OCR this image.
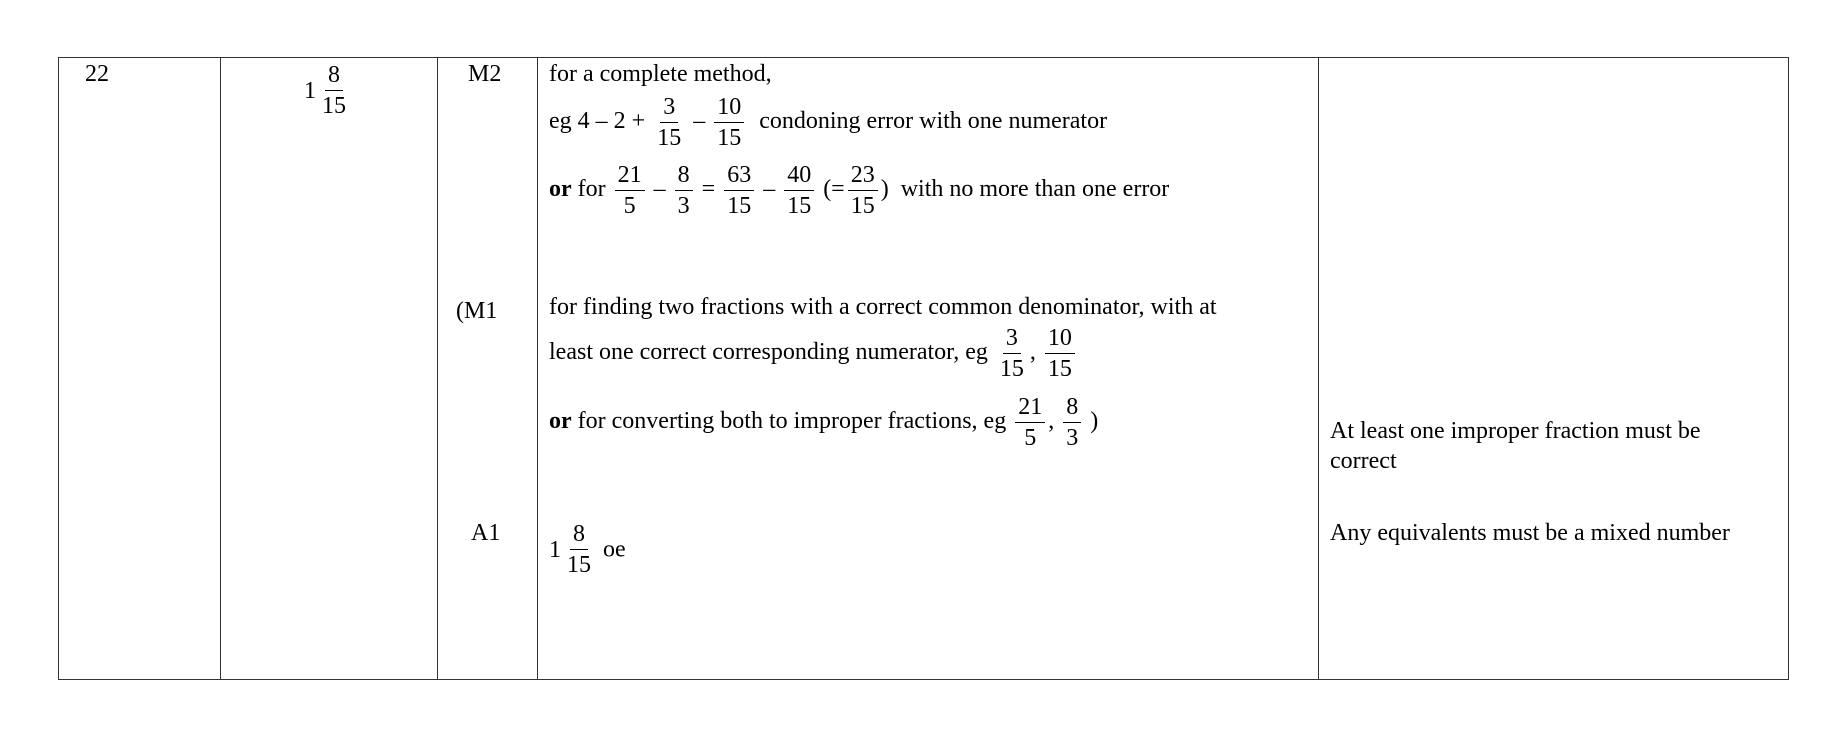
22
$1 \frac{8}{15}$	M2
(M1
A1
for a complete method,
eg $4 - 2 + \frac{3}{15} - \frac{10}{15}$ condoning error with one numerator
or for $\frac{21}{5} - \frac{8}{3} = \frac{63}{15} - \frac{40}{15}$ (= $\frac{23}{15}$ ) with no more than one error
for finding two fractions with a correct common denominator, with at
least one correct corresponding numerator, eg $\frac{3}{15}$ , $\frac{10}{15}$
or for converting both to improper fractions, eg $\frac{21}{5}$ , $\frac{8}{3}$ )
$1 \frac{8}{15}$ oe
At least one improper fraction must be correct
Any equivalents must be a mixed number
